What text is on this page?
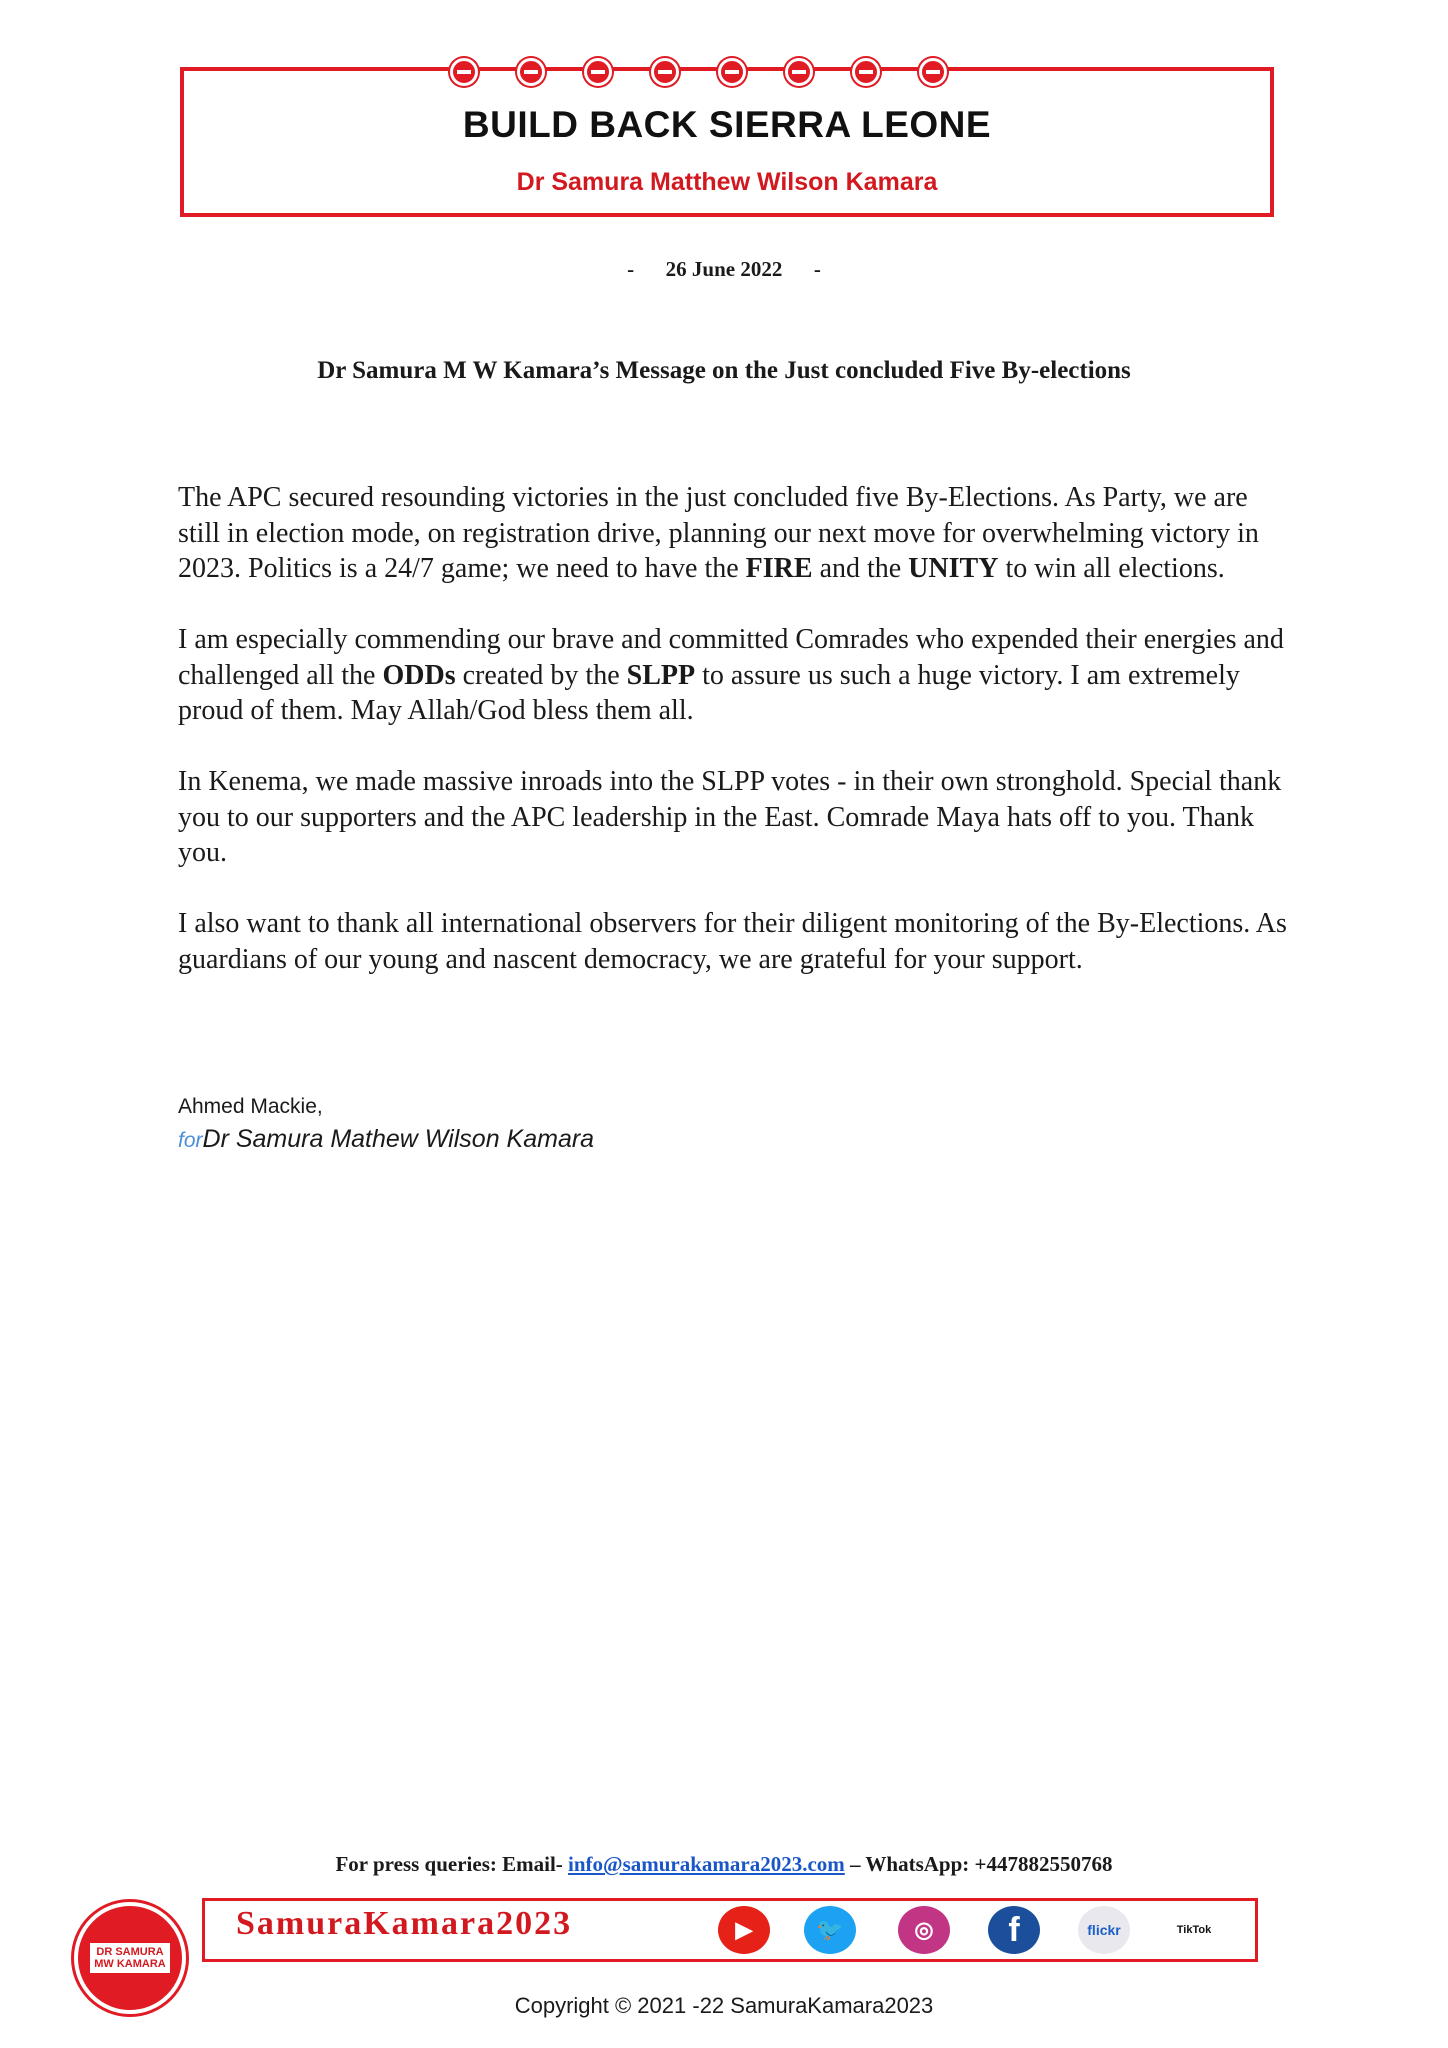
BUILD BACK SIERRA LEONE
Dr Samura Matthew Wilson Kamara
-      26 June 2022      -
Dr Samura M W Kamara’s Message on the Just concluded Five By-elections

The APC secured resounding victories in the just concluded five By-Elections. As Party, we are still in election mode, on registration drive, planning our next move for overwhelming victory in 2023. Politics is a 24/7 game; we need to have the FIRE and the UNITY to win all elections.

I am especially commending our brave and committed Comrades who expended their energies and challenged all the ODDs created by the SLPP to assure us such a huge victory. I am extremely proud of them. May Allah/God bless them all.

In Kenema, we made massive inroads into the SLPP votes - in their own stronghold. Special thank you to our supporters and the APC leadership in the East. Comrade Maya hats off to you. Thank you.

I also want to thank all international observers for their diligent monitoring of the By-Elections. As guardians of our young and nascent democracy, we are grateful for your support.

Ahmed Mackie,
forDr Samura Mathew Wilson Kamara
For press queries: Email- info@samurakamara2023.com – WhatsApp: +447882550768
DR SAMURA
MW KAMARA
SamuraKamara2023	▶	🐦	◎	f	flickr	TikTok
Copyright © 2021 -22 SamuraKamara2023
